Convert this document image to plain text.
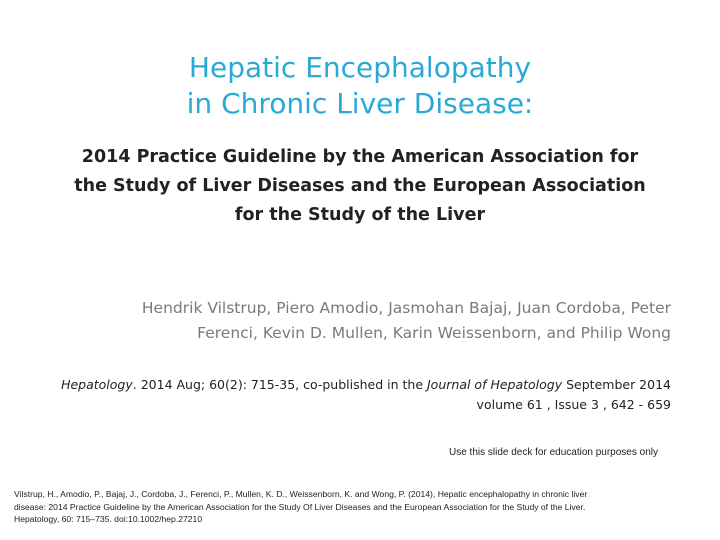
Hepatic Encephalopathy
in Chronic Liver Disease:
2014 Practice Guideline by the American Association for
the Study of Liver Diseases and the European Association
for the Study of the Liver
Hendrik Vilstrup, Piero Amodio, Jasmohan Bajaj, Juan Cordoba, Peter
Ferenci, Kevin D. Mullen, Karin Weissenborn, and Philip Wong
Hepatology. 2014 Aug; 60(2): 715-35, co-published in the Journal of Hepatology September 2014
volume 61 , Issue 3 , 642 - 659
Use this slide deck for education purposes only
Vilstrup, H., Amodio, P., Bajaj, J., Cordoba, J., Ferenci, P., Mullen, K. D., Weissenborn, K. and Wong, P. (2014), Hepatic encephalopathy in chronic liver
disease: 2014 Practice Guideline by the American Association for the Study Of Liver Diseases and the European Association for the Study of the Liver.
Hepatology, 60: 715–735. doi:10.1002/hep.27210
